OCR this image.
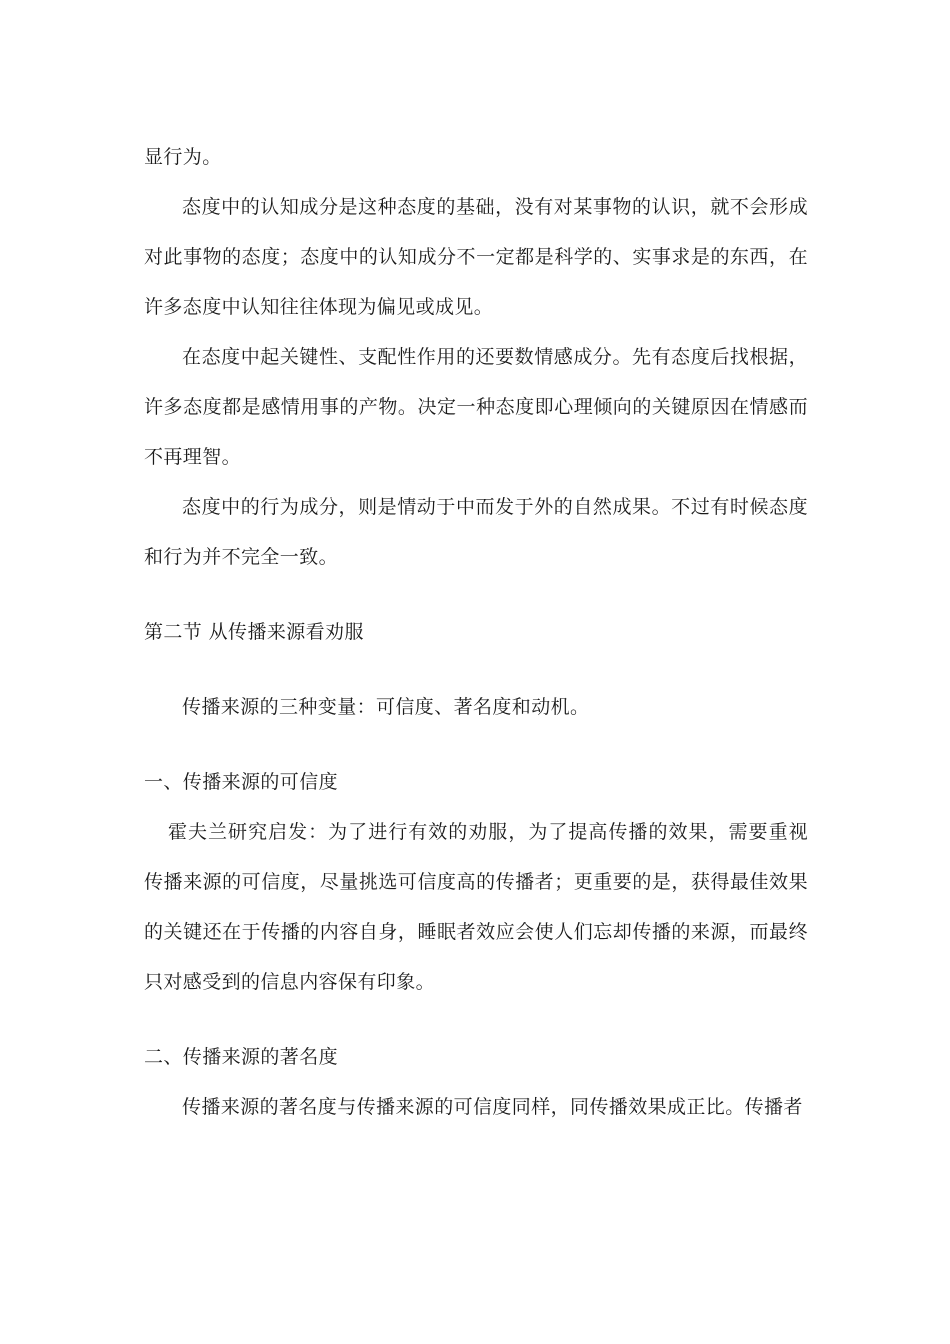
显行为。

态度中的认知成分是这种态度的基础，没有对某事物的认识，就不会形成对此事物的态度；态度中的认知成分不一定都是科学的、实事求是的东西，在许多态度中认知往往体现为偏见或成见。

在态度中起关键性、支配性作用的还要数情感成分。先有态度后找根据，许多态度都是感情用事的产物。决定一种态度即心理倾向的关键原因在情感而不再理智。

态度中的行为成分，则是情动于中而发于外的自然成果。不过有时候态度和行为并不完全一致。

第二节 从传播来源看劝服

传播来源的三种变量：可信度、著名度和动机。

一、传播来源的可信度

霍夫兰研究启发：为了进行有效的劝服，为了提高传播的效果，需要重视传播来源的可信度，尽量挑选可信度高的传播者；更重要的是，获得最佳效果的关键还在于传播的内容自身，睡眠者效应会使人们忘却传播的来源，而最终只对感受到的信息内容保有印象。

二、传播来源的著名度

传播来源的著名度与传播来源的可信度同样，同传播效果成正比。传播者
